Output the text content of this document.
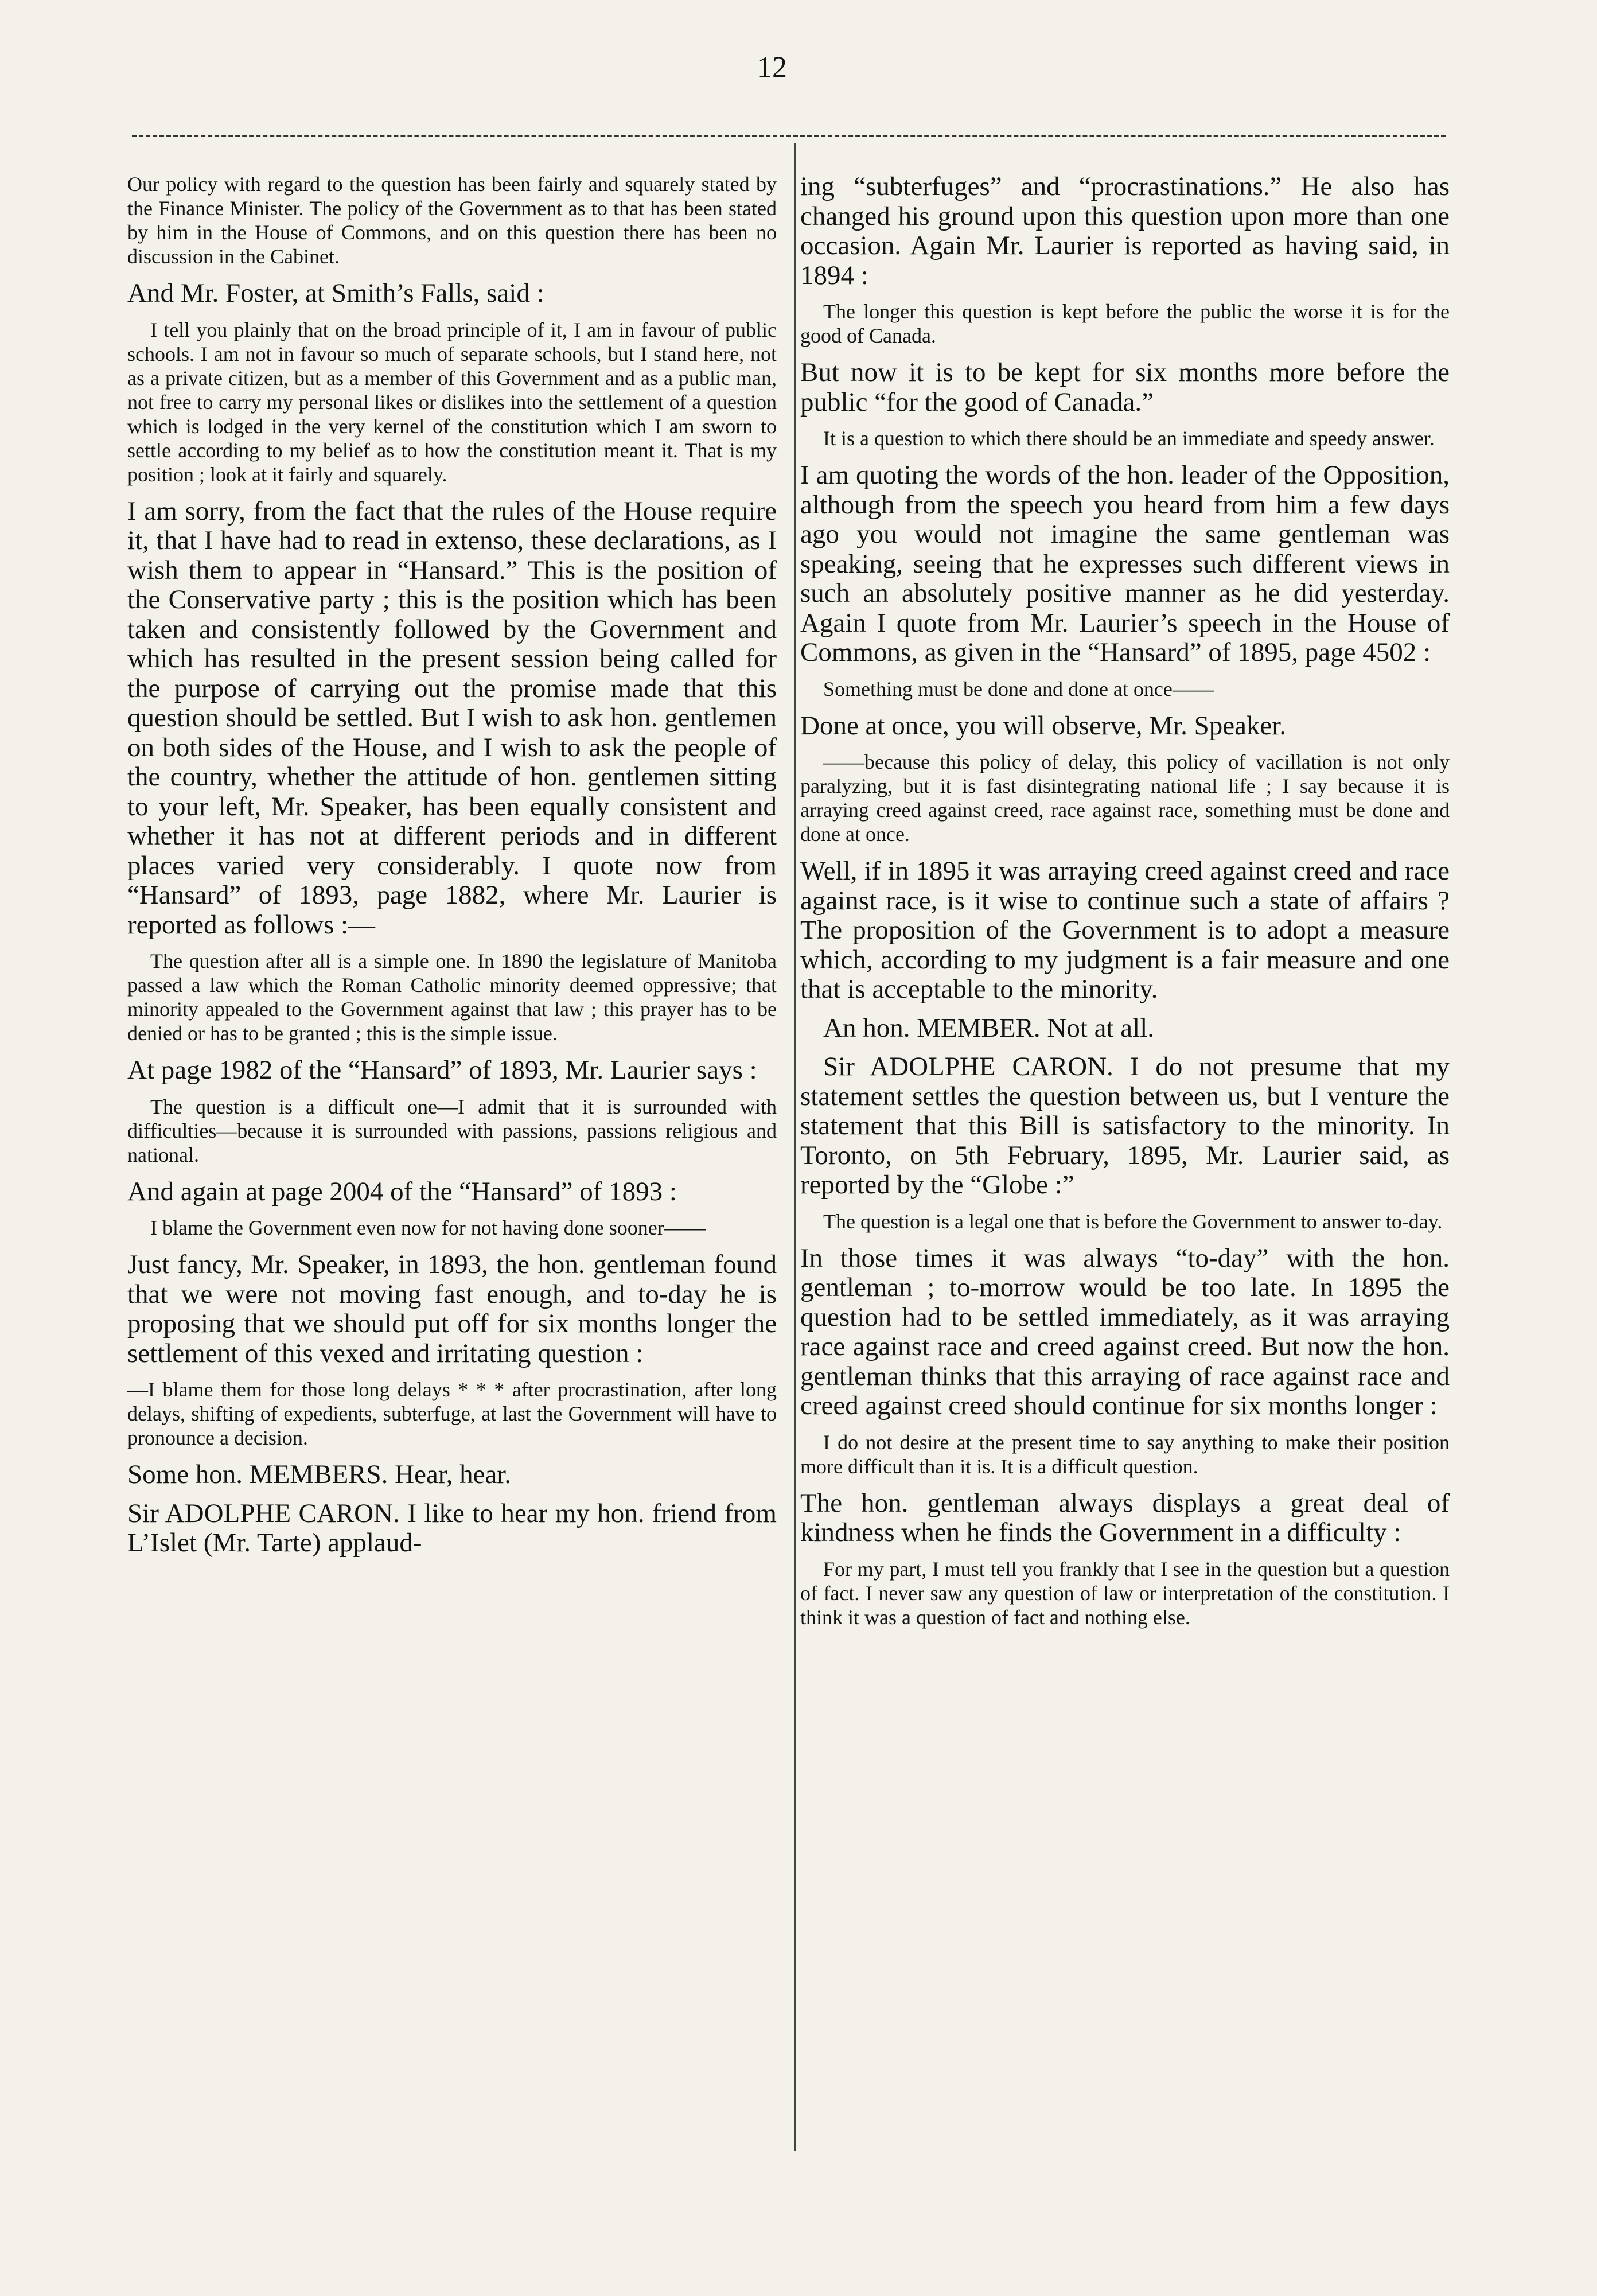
12

Our policy with regard to the question has been fairly and squarely stated by the Finance Minister. The policy of the Government as to that has been stated by him in the House of Commons, and on this question there has been no discussion in the Cabinet.

And Mr. Foster, at Smith’s Falls, said :

I tell you plainly that on the broad principle of it, I am in favour of public schools. I am not in favour so much of separate schools, but I stand here, not as a private citizen, but as a member of this Government and as a public man, not free to carry my personal likes or dislikes into the settlement of a question which is lodged in the very kernel of the constitution which I am sworn to settle according to my belief as to how the constitution meant it. That is my position ; look at it fairly and squarely.

I am sorry, from the fact that the rules of the House require it, that I have had to read in extenso, these declarations, as I wish them to appear in “Hansard.” This is the position of the Conservative party ; this is the position which has been taken and consistently followed by the Government and which has resulted in the present session being called for the purpose of carrying out the promise made that this question should be settled. But I wish to ask hon. gentlemen on both sides of the House, and I wish to ask the people of the country, whether the attitude of hon. gentlemen sitting to your left, Mr. Speaker, has been equally consistent and whether it has not at different periods and in different places varied very considerably. I quote now from “Hansard” of 1893, page 1882, where Mr. Laurier is reported as follows :—

The question after all is a simple one. In 1890 the legislature of Manitoba passed a law which the Roman Catholic minority deemed oppressive; that minority appealed to the Government against that law ; this prayer has to be denied or has to be granted ; this is the simple issue.

At page 1982 of the “Hansard” of 1893, Mr. Laurier says :

The question is a difficult one—I admit that it is surrounded with difficulties—because it is surrounded with passions, passions religious and national.

And again at page 2004 of the “Hansard” of 1893 :

I blame the Government even now for not having done sooner——

Just fancy, Mr. Speaker, in 1893, the hon. gentleman found that we were not moving fast enough, and to-day he is proposing that we should put off for six months longer the settlement of this vexed and irritating question :

—I blame them for those long delays * * * after procrastination, after long delays, shifting of expedients, subterfuge, at last the Government will have to pronounce a decision.

Some hon. MEMBERS. Hear, hear.

Sir ADOLPHE CARON. I like to hear my hon. friend from L’Islet (Mr. Tarte) applaud-

ing “subterfuges” and “procrastinations.” He also has changed his ground upon this question upon more than one occasion. Again Mr. Laurier is reported as having said, in 1894 :

The longer this question is kept before the public the worse it is for the good of Canada.

But now it is to be kept for six months more before the public “for the good of Canada.”

It is a question to which there should be an immediate and speedy answer.

I am quoting the words of the hon. leader of the Opposition, although from the speech you heard from him a few days ago you would not imagine the same gentleman was speaking, seeing that he expresses such different views in such an absolutely positive manner as he did yesterday. Again I quote from Mr. Laurier’s speech in the House of Commons, as given in the “Hansard” of 1895, page 4502 :

Something must be done and done at once——

Done at once, you will observe, Mr. Speaker.

——because this policy of delay, this policy of vacillation is not only paralyzing, but it is fast disintegrating national life ; I say because it is arraying creed against creed, race against race, something must be done and done at once.

Well, if in 1895 it was arraying creed against creed and race against race, is it wise to continue such a state of affairs ? The proposition of the Government is to adopt a measure which, according to my judgment is a fair measure and one that is acceptable to the minority.

An hon. MEMBER. Not at all.

Sir ADOLPHE CARON. I do not presume that my statement settles the question between us, but I venture the statement that this Bill is satisfactory to the minority. In Toronto, on 5th February, 1895, Mr. Laurier said, as reported by the “Globe :”

The question is a legal one that is before the Government to answer to-day.

In those times it was always “to-day” with the hon. gentleman ; to-morrow would be too late. In 1895 the question had to be settled immediately, as it was arraying race against race and creed against creed. But now the hon. gentleman thinks that this arraying of race against race and creed against creed should continue for six months longer :

I do not desire at the present time to say anything to make their position more difficult than it is. It is a difficult question.

The hon. gentleman always displays a great deal of kindness when he finds the Government in a difficulty :

For my part, I must tell you frankly that I see in the question but a question of fact. I never saw any question of law or interpretation of the constitution. I think it was a question of fact and nothing else.
